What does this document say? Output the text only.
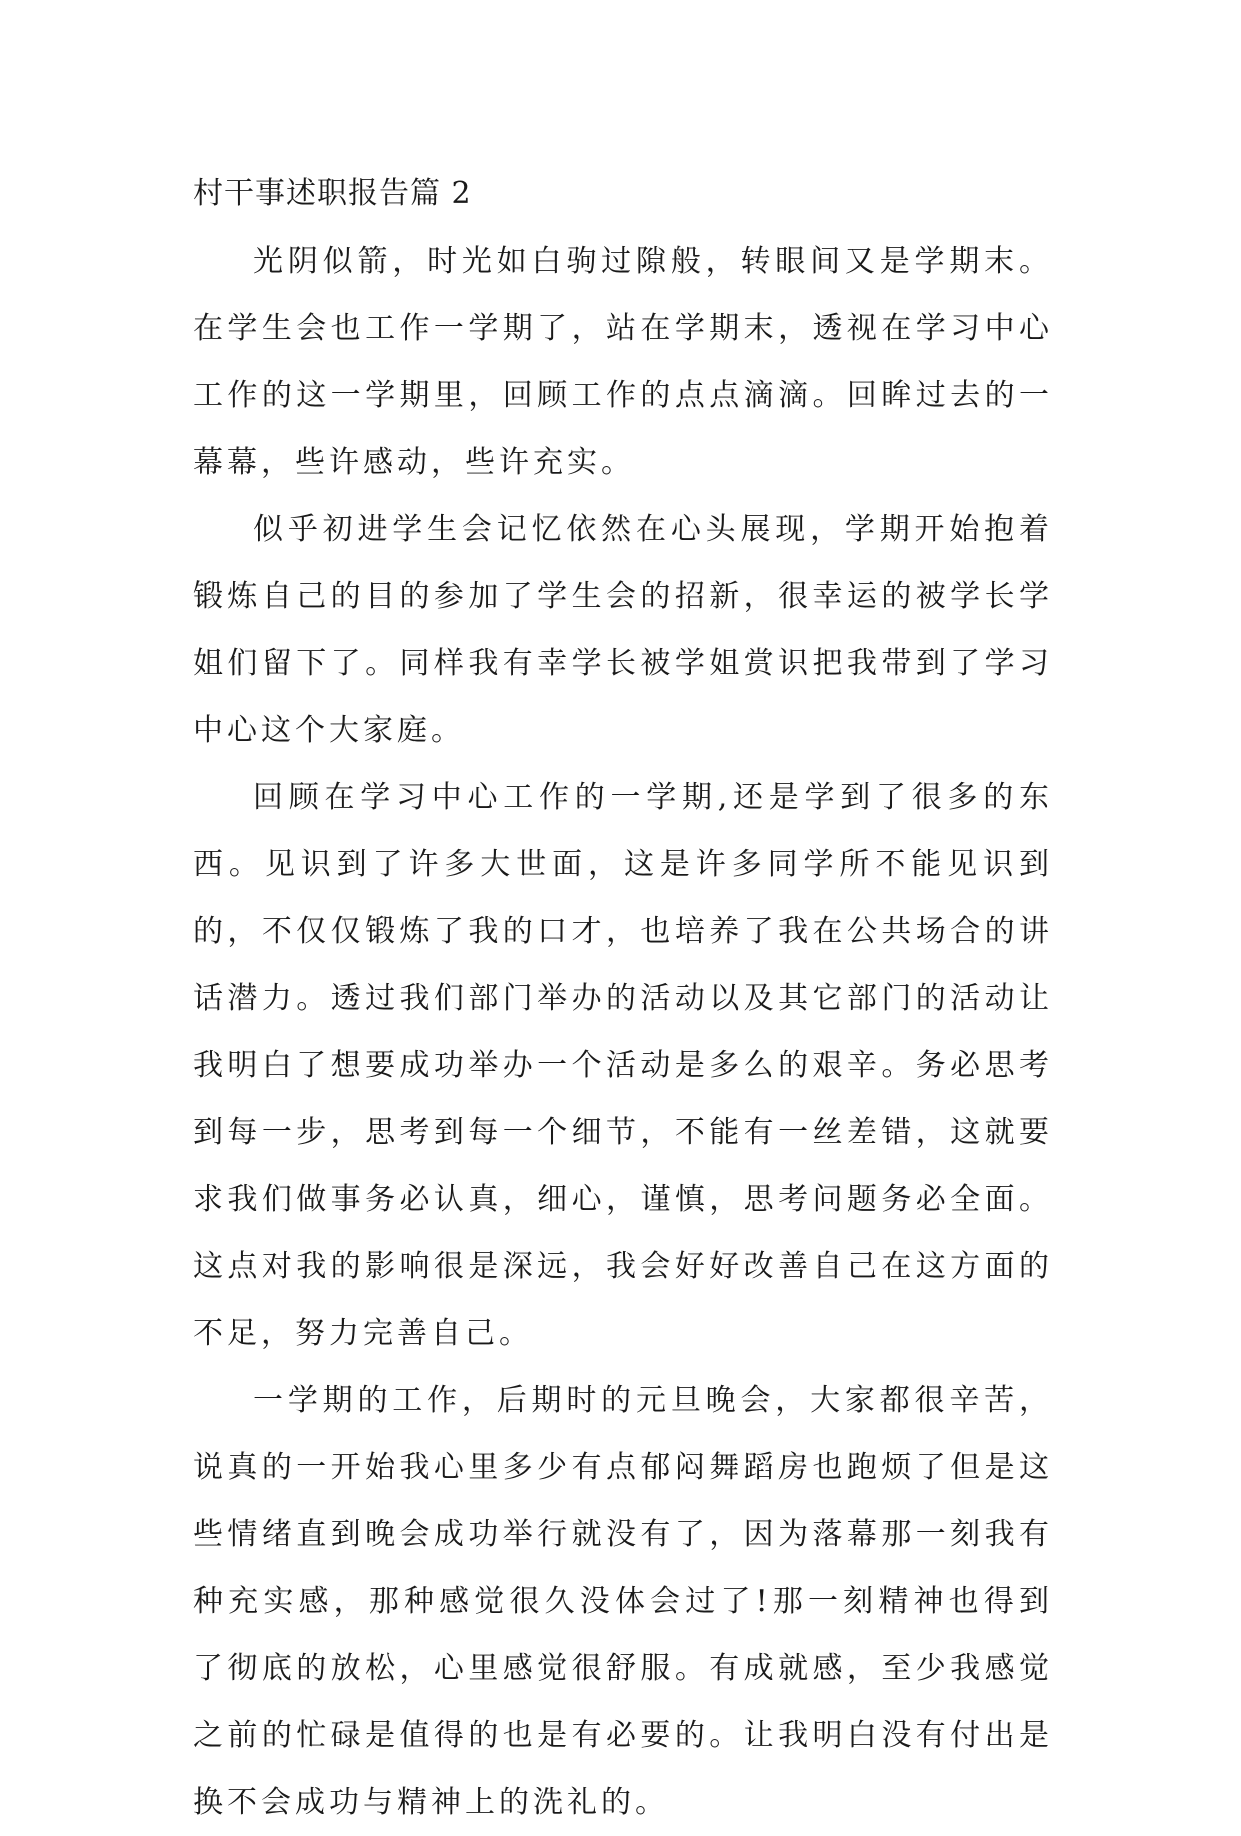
村干事述职报告篇 2

光阴似箭，时光如白驹过隙般，转眼间又是学期末。在学生会也工作一学期了，站在学期末，透视在学习中心工作的这一学期里，回顾工作的点点滴滴。回眸过去的一幕幕，些许感动，些许充实。

似乎初进学生会记忆依然在心头展现，学期开始抱着锻炼自己的目的参加了学生会的招新，很幸运的被学长学姐们留下了。同样我有幸学长被学姐赏识把我带到了学习中心这个大家庭。

回顾在学习中心工作的一学期,还是学到了很多的东西。见识到了许多大世面，这是许多同学所不能见识到的，不仅仅锻炼了我的口才，也培养了我在公共场合的讲话潜力。透过我们部门举办的活动以及其它部门的活动让我明白了想要成功举办一个活动是多么的艰辛。务必思考到每一步，思考到每一个细节，不能有一丝差错，这就要求我们做事务必认真，细心，谨慎，思考问题务必全面。这点对我的影响很是深远，我会好好改善自己在这方面的不足，努力完善自己。

一学期的工作，后期时的元旦晚会，大家都很辛苦，说真的一开始我心里多少有点郁闷舞蹈房也跑烦了但是这些情绪直到晚会成功举行就没有了，因为落幕那一刻我有种充实感，那种感觉很久没体会过了!那一刻精神也得到了彻底的放松，心里感觉很舒服。有成就感，至少我感觉之前的忙碌是值得的也是有必要的。让我明白没有付出是换不会成功与精神上的洗礼的。
